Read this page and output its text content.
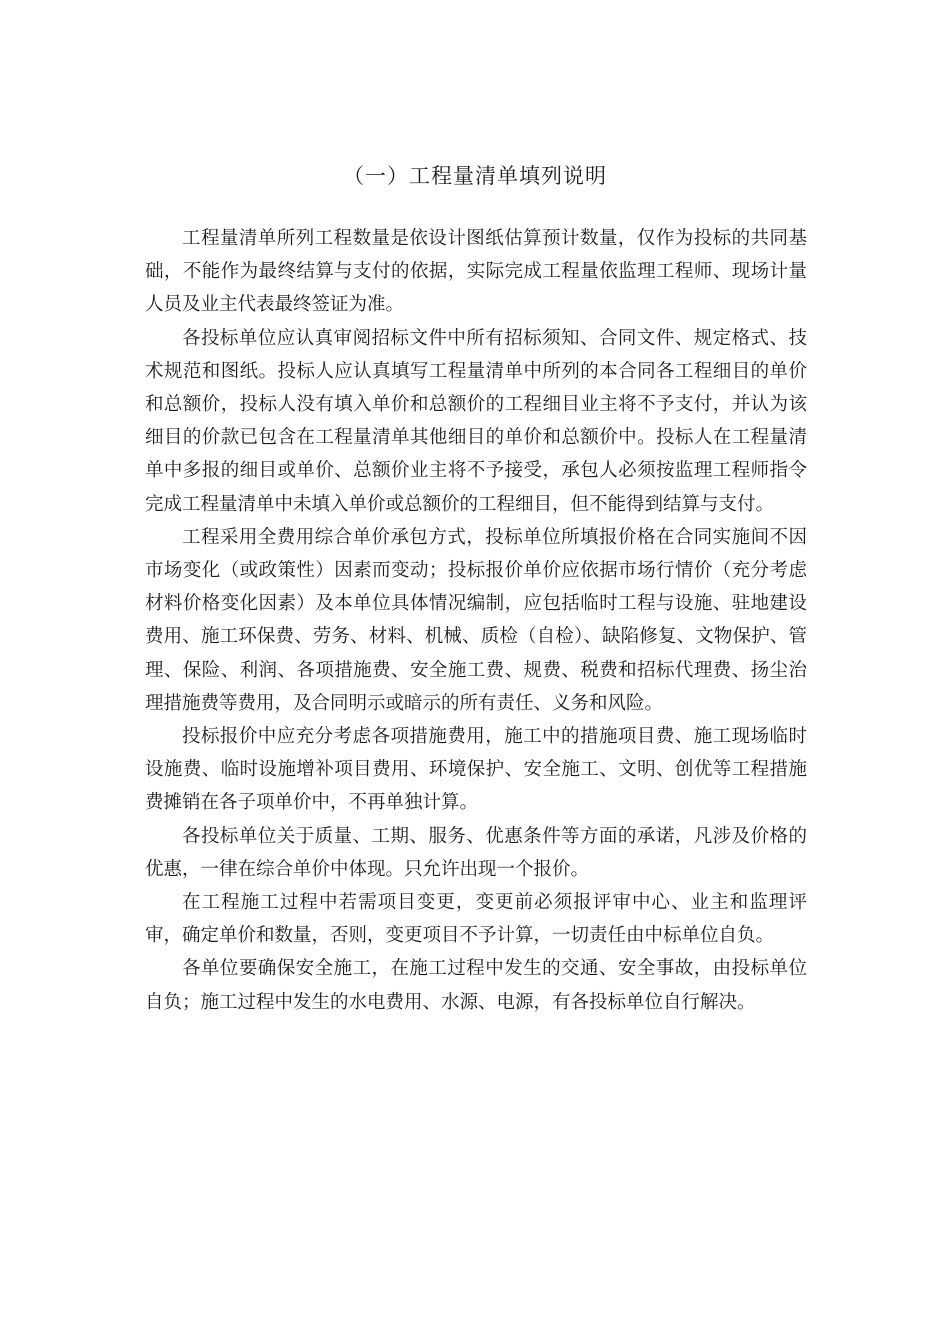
（一）工程量清单填列说明

工程量清单所列工程数量是依设计图纸估算预计数量，仅作为投标的共同基础，不能作为最终结算与支付的依据，实际完成工程量依监理工程师、现场计量人员及业主代表最终签证为准。

各投标单位应认真审阅招标文件中所有招标须知、合同文件、规定格式、技术规范和图纸。投标人应认真填写工程量清单中所列的本合同各工程细目的单价和总额价，投标人没有填入单价和总额价的工程细目业主将不予支付，并认为该细目的价款已包含在工程量清单其他细目的单价和总额价中。投标人在工程量清单中多报的细目或单价、总额价业主将不予接受，承包人必须按监理工程师指令完成工程量清单中未填入单价或总额价的工程细目，但不能得到结算与支付。

工程采用全费用综合单价承包方式，投标单位所填报价格在合同实施间不因市场变化（或政策性）因素而变动；投标报价单价应依据市场行情价（充分考虑材料价格变化因素）及本单位具体情况编制，应包括临时工程与设施、驻地建设费用、施工环保费、劳务、材料、机械、质检（自检）、缺陷修复、文物保护、管理、保险、利润、各项措施费、安全施工费、规费、税费和招标代理费、扬尘治理措施费等费用，及合同明示或暗示的所有责任、义务和风险。

投标报价中应充分考虑各项措施费用，施工中的措施项目费、施工现场临时设施费、临时设施增补项目费用、环境保护、安全施工、文明、创优等工程措施费摊销在各子项单价中，不再单独计算。

各投标单位关于质量、工期、服务、优惠条件等方面的承诺，凡涉及价格的优惠，一律在综合单价中体现。只允许出现一个报价。

在工程施工过程中若需项目变更，变更前必须报评审中心、业主和监理评审，确定单价和数量，否则，变更项目不予计算，一切责任由中标单位自负。

各单位要确保安全施工，在施工过程中发生的交通、安全事故，由投标单位自负；施工过程中发生的水电费用、水源、电源，有各投标单位自行解决。
